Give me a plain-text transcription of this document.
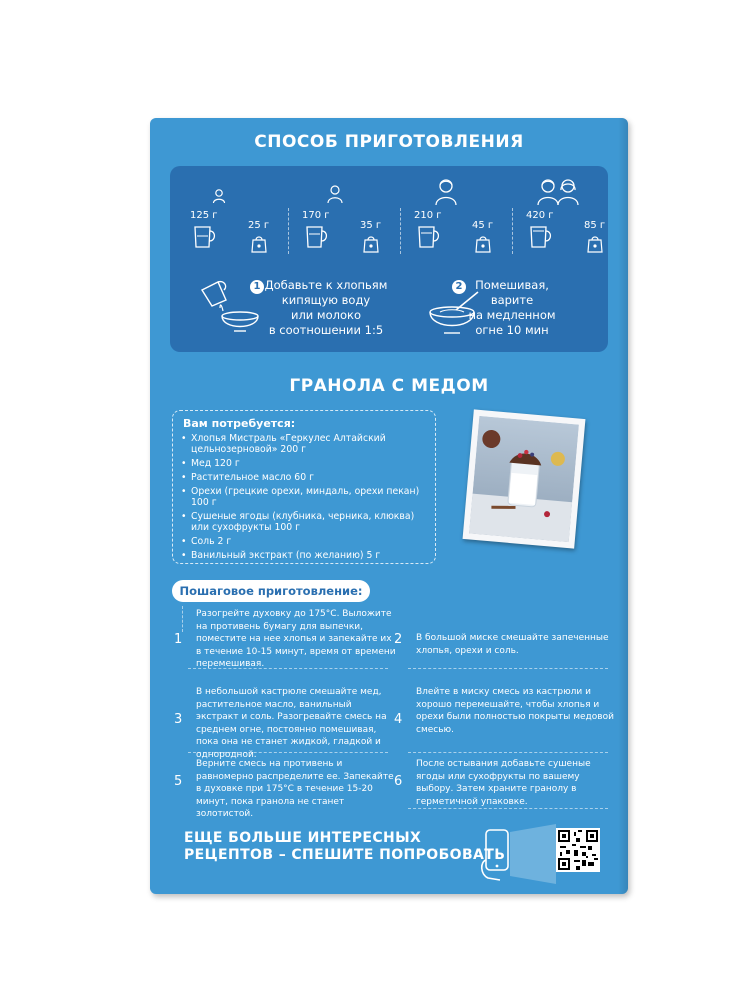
СПОСОБ ПРИГОТОВЛЕНИЯ
125 г
25 г
170 г
35 г
210 г
45 г
420 г
85 г
1 Добавьте к хлопьям
кипящую воду
или молоко
в соотношении 1:5
2	Помешивая,
варите
на медленном
огне 10 мин
ГРАНОЛА С МЕДОМ
Вам потребуется:
• Хлопья Мистраль «Геркулес Алтайский цельнозерновой» 200 г
• Мед 120 г
• Растительное масло 60 г
• Орехи (грецкие орехи, миндаль, орехи пекан) 100 г
• Сушеные ягоды (клубника, черника, клюква) или сухофрукты 100 г
• Соль 2 г
• Ванильный экстракт (по желанию) 5 г
Пошаговое приготовление:
1
Разогрейте духовку до 175°C. Выложите на противень бумагу для выпечки, поместите на нее хлопья и запекайте их в течение 10-15 минут, время от времени перемешивая.
2 В большой миске смешайте запеченные хлопья, орехи и соль.
3
В небольшой кастрюле смешайте мед, растительное масло, ванильный экстракт и соль. Разогревайте смесь на среднем огне, постоянно помешивая, пока она не станет жидкой, гладкой и однородной.
4
Влейте в миску смесь из кастрюли и хорошо перемешайте, чтобы хлопья и орехи были полностью покрыты медовой смесью.
5
Верните смесь на противень и равномерно распределите ее. Запекайте в духовке при 175°C в течение 15-20 минут, пока гранола не станет золотистой.
6
После остывания добавьте сушеные ягоды или сухофрукты по вашему выбору. Затем храните гранолу в герметичной упаковке.
ЕЩЕ БОЛЬШЕ ИНТЕРЕСНЫХ
РЕЦЕПТОВ – СПЕШИТЕ ПОПРОБОВАТЬ
